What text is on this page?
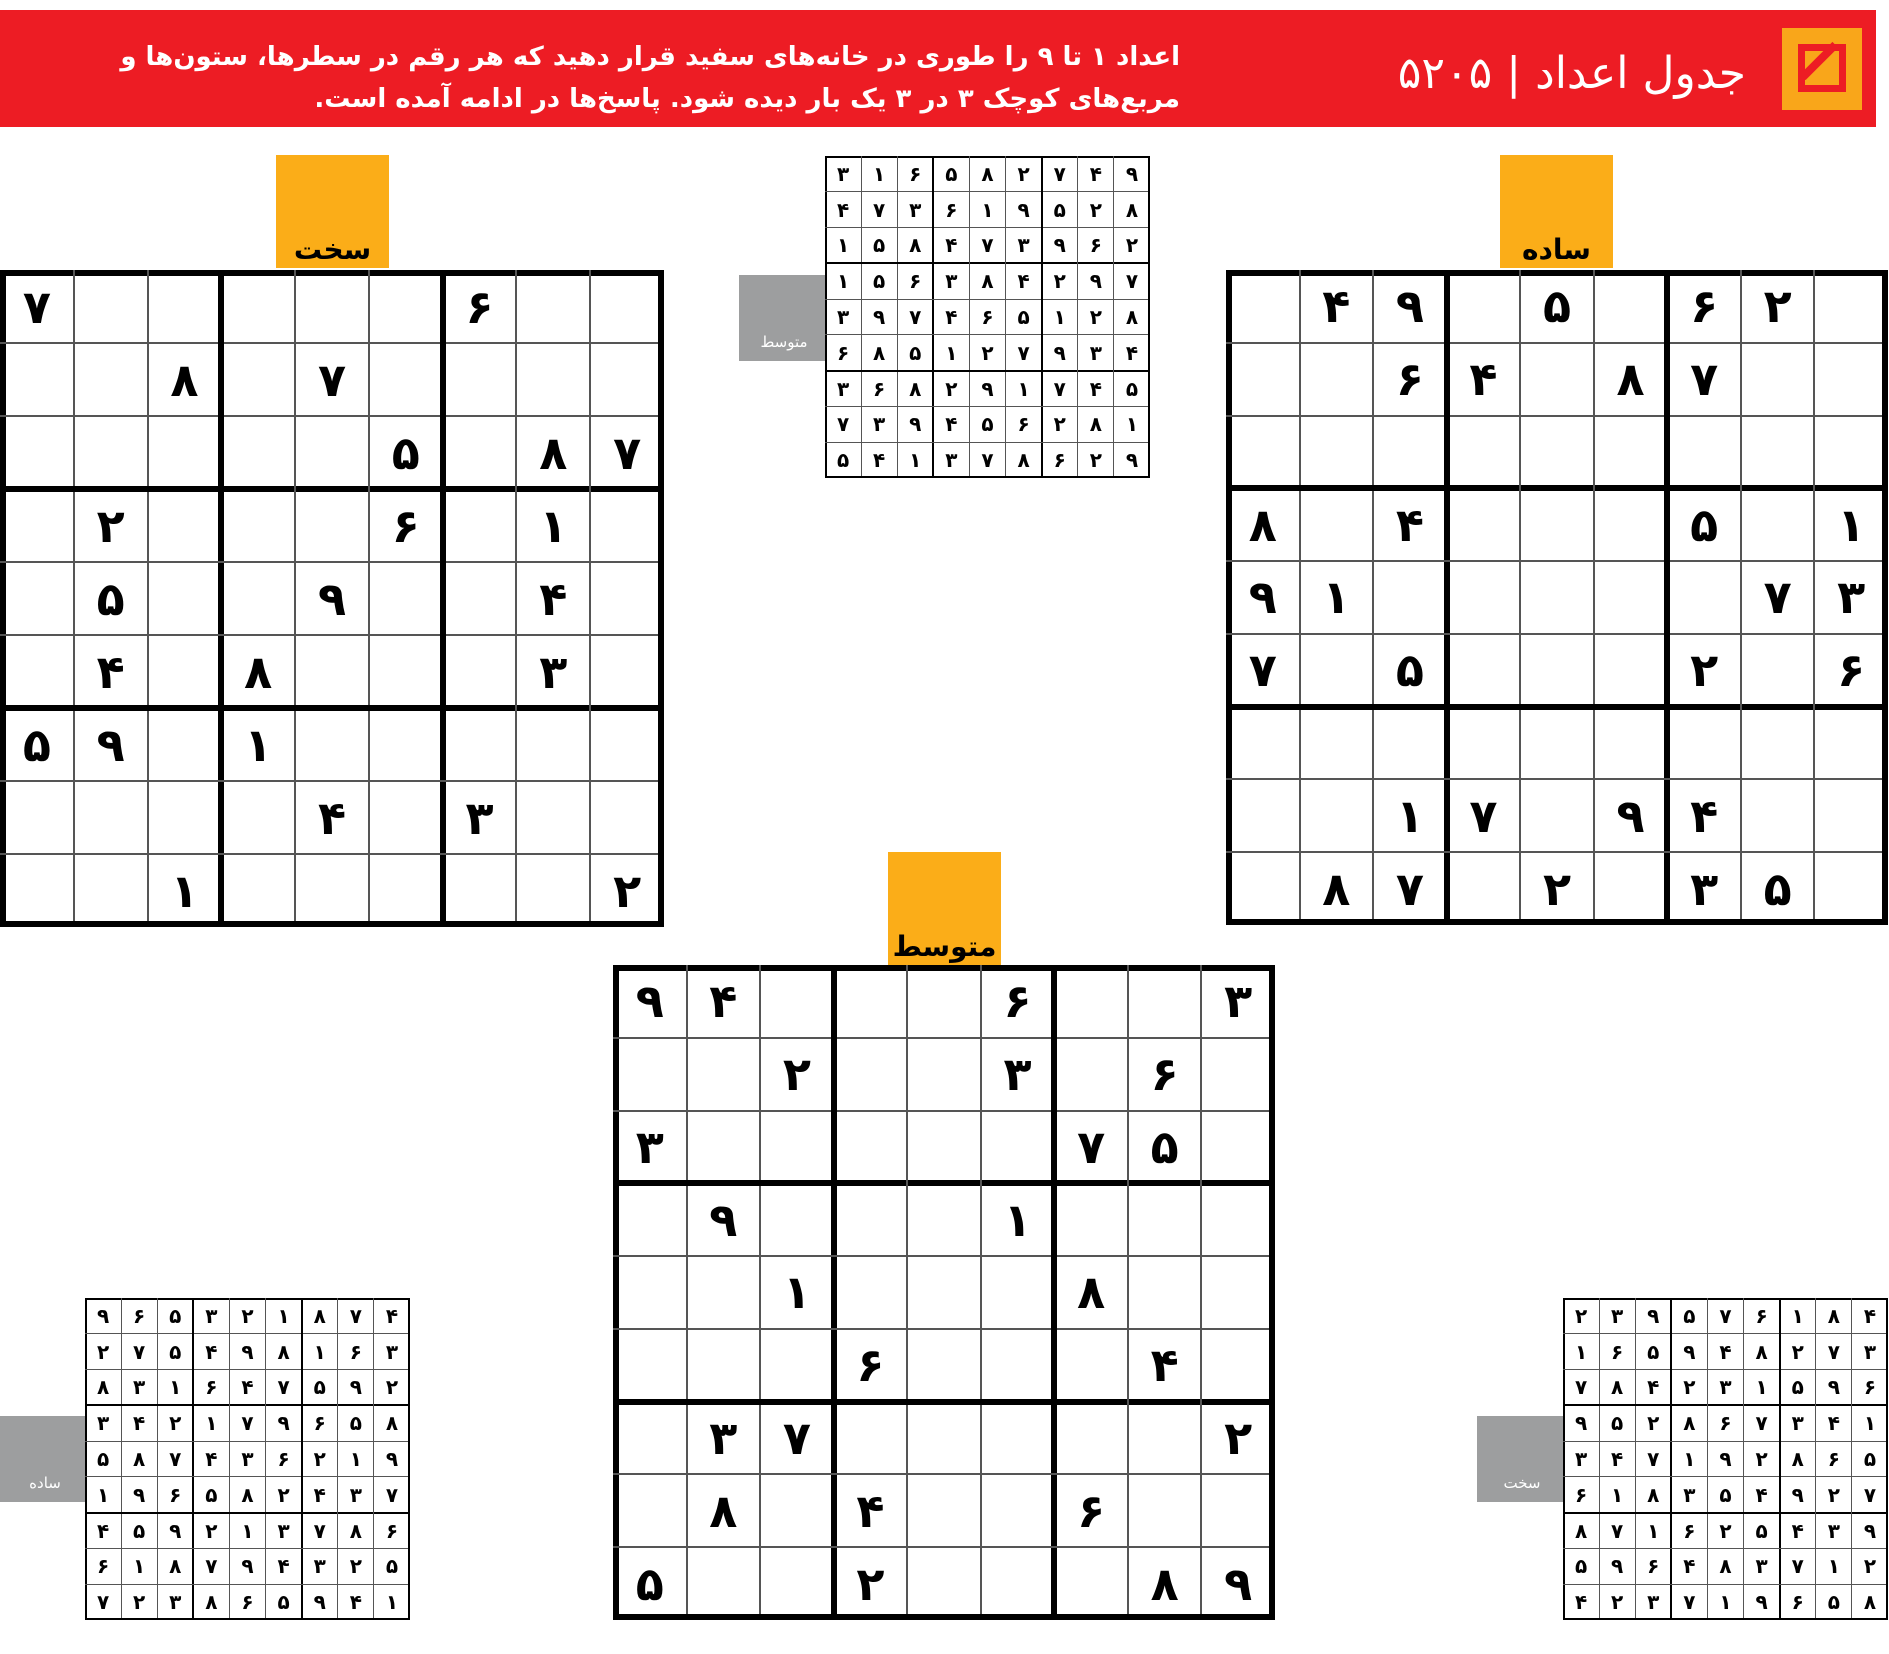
جدول اعداد | ۵۲۰۵
اعداد ۱ تا ۹ را طوری در خانه‌های سفید قرار دهید که هر رقم در سطرها، ستون‌ها و مربع‌های کوچک ۳ در ۳ یک بار دیده شود. پاسخ‌ها در ادامه آمده است.
سخت
۶
۷
۷
۸
۷
۸
۵
۱
۶
۲
۴
۹
۵
۳
۸
۴
۱
۹
۵
۳
۴
۲
۱
ساده
۲
۶
۵
۹
۴
۷
۸
۴
۶
۱
۵
۴
۸
۳
۷
۱
۹
۶
۲
۵
۷
۴
۹
۷
۱
۵
۳
۲
۷
۸
متوسط
۳
۶
۴
۹
۶
۳
۲
۵
۷
۳
۱
۹
۸
۱
۴
۶
۲
۷
۳
۶
۴
۸
۹
۸
۲
۵
متوسط
۹
۴
۷
۲
۸
۵
۶
۱
۳
۸
۲
۵
۹
۱
۶
۳
۷
۴
۲
۶
۹
۳
۷
۴
۸
۵
۱
۷
۹
۲
۴
۸
۳
۶
۵
۱
۸
۲
۱
۵
۶
۴
۷
۹
۳
۴
۳
۹
۷
۲
۱
۵
۸
۶
۵
۴
۷
۱
۹
۲
۸
۶
۳
۱
۸
۲
۶
۵
۴
۹
۳
۷
۹
۲
۶
۸
۷
۳
۱
۴
۵
ساده
۴
۷
۸
۱
۲
۳
۵
۶
۹
۳
۶
۱
۸
۹
۴
۵
۷
۲
۲
۹
۵
۷
۴
۶
۱
۳
۸
۸
۵
۶
۹
۷
۱
۲
۴
۳
۹
۱
۲
۶
۳
۴
۷
۸
۵
۷
۳
۴
۲
۸
۵
۶
۹
۱
۶
۸
۷
۳
۱
۲
۹
۵
۴
۵
۲
۳
۴
۹
۷
۸
۱
۶
۱
۴
۹
۵
۶
۸
۳
۲
۷
سخت
۴
۸
۱
۶
۷
۵
۹
۳
۲
۳
۷
۲
۸
۴
۹
۵
۶
۱
۶
۹
۵
۱
۳
۲
۴
۸
۷
۱
۴
۳
۷
۶
۸
۲
۵
۹
۵
۶
۸
۲
۹
۱
۷
۴
۳
۷
۲
۹
۴
۵
۳
۸
۱
۶
۹
۳
۴
۵
۲
۶
۱
۷
۸
۲
۱
۷
۳
۸
۴
۶
۹
۵
۸
۵
۶
۹
۱
۷
۳
۲
۴
